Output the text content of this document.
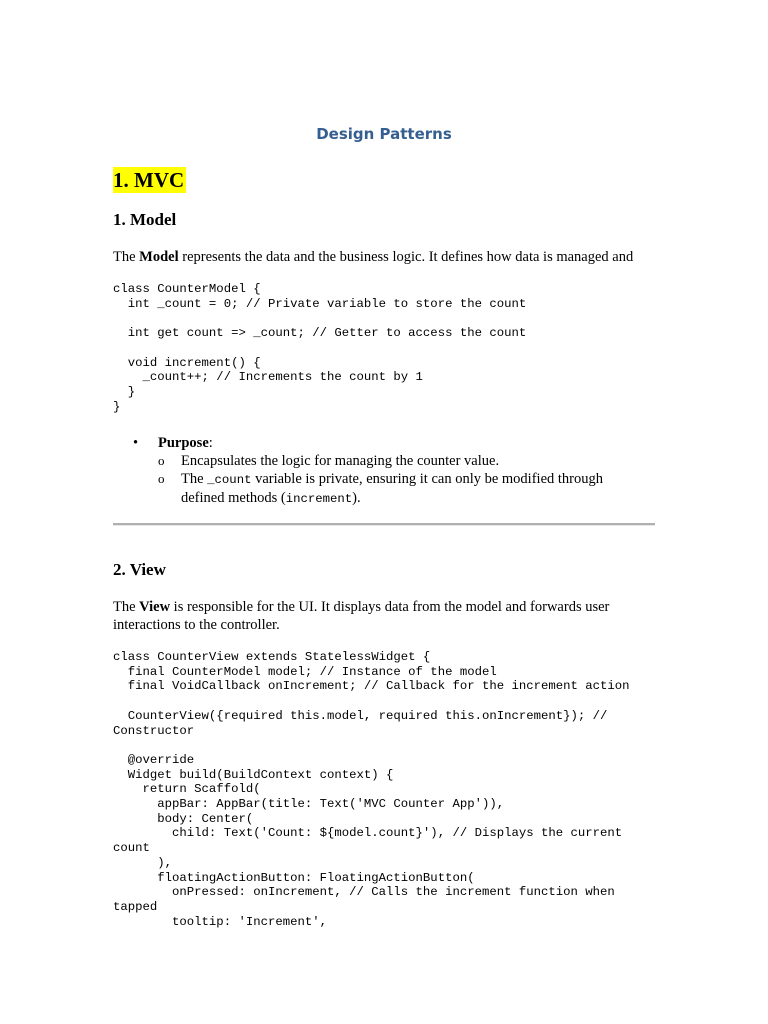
Design Patterns
1. MVC
1. Model

The Model represents the data and the business logic. It defines how data is managed and

class CounterModel {
int _count = 0; // Private variable to store the count

int get count => _count; // Getter to access the count

void increment() {
_count++; // Increments the count by 1
}
}
• Purpose:
o Encapsulates the logic for managing the counter value.
o The _count variable is private, ensuring it can only be modified through defined methods (increment).
2. View

The View is responsible for the UI. It displays data from the model and forwards user interactions to the controller.

class CounterView extends StatelessWidget {
final CounterModel model; // Instance of the model
final VoidCallback onIncrement; // Callback for the increment action

CounterView({required this.model, required this.onIncrement}); //
Constructor

@override
Widget build(BuildContext context) {
return Scaffold(
appBar: AppBar(title: Text('MVC Counter App')),
body: Center(
child: Text('Count: ${model.count}'), // Displays the current
count
),
floatingActionButton: FloatingActionButton(
onPressed: onIncrement, // Calls the increment function when
tapped
tooltip: 'Increment',
